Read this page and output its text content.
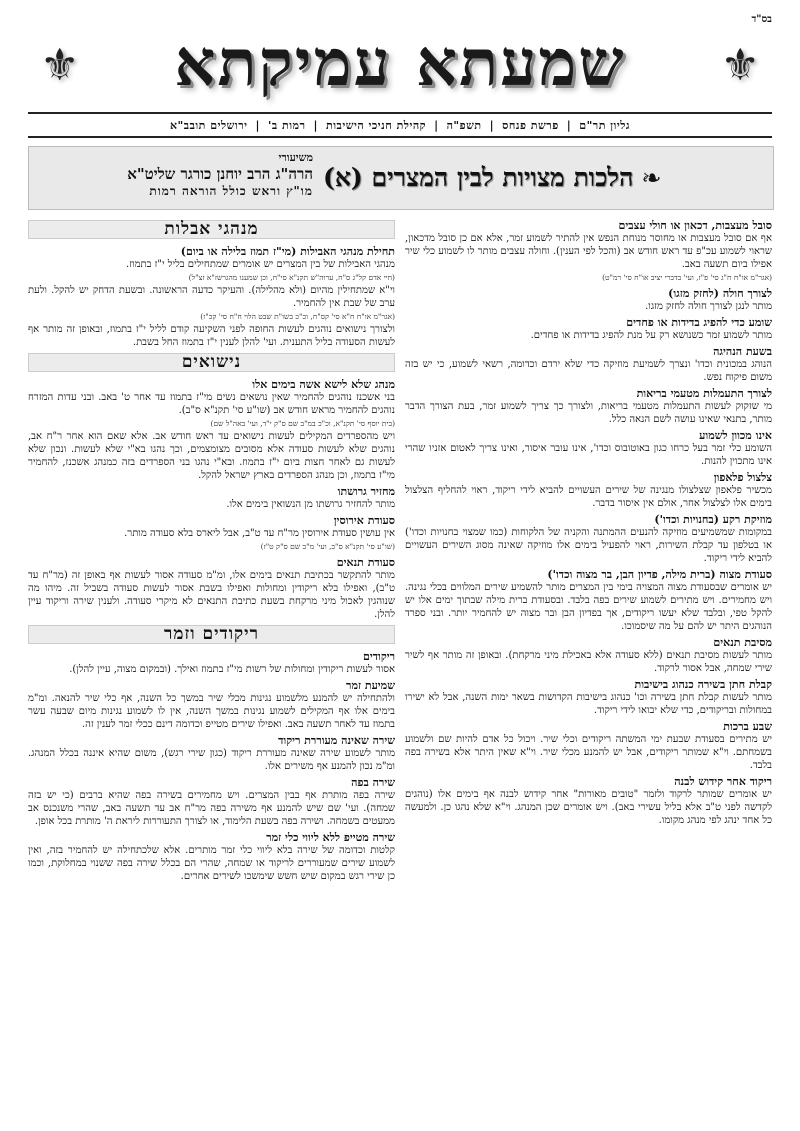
בס"ד
⚜	⚜
שמעתא עמיקתא
גליון תר"ם
|
פרשת פנחס
|
תשפ"ה
|
קהילת חניכי הישיבות
|
רמות ב'
|
ירושלים תובב"א
❧
הלכות מצויות לבין המצרים (א)
משיעורי
הרה"ג הרב יוחנן כורגר שליט"א
מו"ץ וראש כולל הוראה רמות
מנהגי אבלות
תחילת מנהגי האבילות (מי"ז תמוז בלילה או ביום)
מנהגי האבילות של בין המצרים יש אומרים שמתחילים בליל י"ז בתמוז.
(חיי אדם קל"ג ס"ח, ערוה"ש תקנ"א סי"ח, וכן שמענו מהגרשז"א זצ"ל)
וי"א שמתחילין מהיום (ולא מהלילה). והעיקר כדעה הראשונה. ובשעת הדחק יש להקל. ולעת ערב של שבת אין להחמיר.
(אגר"מ או"ח ח"א סי' קס"ח, וכ"כ בשו"ת שבט הלוי ח"ח סי' קכ"ז)
ולצורך נישואים נוהגים לעשות החופה לפני השקיעה קודם לליל י"ז בתמוז, ובאופן זה מותר אף לעשות הסעודה בליל התענית. ועי' להלן לענין י"ז בתמוז החל בשבת.
נישואים
מנהג שלא לישא אשה בימים אלו
בני אשכנז נוהגים להחמיר שאין נושאים נשים מי"ז בתמוז עד אחר ט' באב. ובני עדות המזרח נוהגים להחמיר מראש חודש אב (שו"ע סי' תקנ"א ס"ב).
(בית יוסף סי' תקנ"א, וכ"כ במ"ב שם ס"ק י"ד, ועי' באה"ל שם)
ויש מהספרדים המקילים לעשות נישואים עד ראש חודש אב. אלא שאם הוא אחר ר"ח אב, נוהגים שלא לעשות סעודה אלא מסובים מצומצמים, וכך נהגו בא"י שלא לעשות. ונכון שלא לעשות גם לאחר חצות ביום י"ז בתמוז. ובא"י נהגו בני הספרדים בזה כמנהג אשכנז, להחמיר מי"ז בתמוז, וכן מנהג הספרדים בארץ ישראל להקל.
מחזיר גרושתו
מותר להחזיר גרושתו מן הנשואין בימים אלו.
סעודת אירוסין
אין עושין סעודת אירוסין מר"ח עד ט"ב, אבל ליארס בלא סעודה מותר.
(שו"ע סי' תקנ"א ס"ב, ועי' מ"ב שם ס"ק ט"ז)
סעודת תנאים
מותר להתקשר בכתיבת תנאים בימים אלו, ומ"מ סעודה אסור לעשות אף באופן זה (מר"ח עד ט"ב), ואפילו בלא ריקודין ומחולות ואפילו בשבת אסור לעשות סעודה בשביל זה. מיהו מה שנוהגין לאכול מיני מרקחת בשעת כתיבת התנאים לא מיקרי סעודה. ולענין שירה וריקוד עיין להלן.
ריקודים וזמר
ריקודים
אסור לעשות ריקודין ומחולות של רשות מי"ז בתמוז ואילך. (ובמקום מצוה, עיין להלן).
שמיעת זמר
ולהתחילה יש להמנע מלשמוע נגינות מכלי שיר במשך כל השנה, אף כלי שיר להנאה. ומ"מ בימים אלו אף המקילים לשמוע נגינות במשך השנה, אין לו לשמוע נגינות מיום שבעה עשר בתמוז עד לאחר תשעה באב. ואפילו שירים מטייפ וכדומה דינם ככלי זמר לענין זה.
שירה שאינה מעוררת ריקוד
מותר לשמוע שירה שאינה מעוררת ריקוד (כגון שירי רגש), משום שהיא איננה בכלל המנהג. ומ"מ נכון להמנע אף משירים אלו.
שירה בפה
שירה בפה מותרת אף בבין המצרים. ויש מחמירים בשירה בפה שהיא ברבים (כי יש בזה שמחה). ועי' שם שיש להמנע אף משירה בפה מר"ח אב עד תשעה באב, שהרי משנכנס אב ממעטים בשמחה. ושירה בפה בשעת הלימוד, או לצורך התעוררות ליראת ה' מותרת בכל אופן.
שירה מטייפ ללא ליווי כלי זמר
קלטות וכדומה של שירה בלא ליווי כלי זמר מותרים. אלא שלכתחילה יש להחמיר בזה, ואין לשמוע שירים שמעוררים לריקוד או שמחה, שהרי הם בכלל שירה בפה ששנוי במחלוקת, וכמו כן שירי רגש במקום שיש חשש שימשכו לשירים אחרים.
סובל מעצבות, דכאון או חולי עצבים
אף אם סובל מעצבות או מחוסר מנוחת הנפש אין להתיר לשמוע זמר, אלא אם כן סובל מדכאון, שראוי לשמוע עכ"פ עד ראש חודש אב (והכל לפי הענין). וחולה עצבים מותר לו לשמוע כלי שיר אפילו ביום תשעה באב.
(אגר"מ או"ח ח"ג סי' פ"ז, ועי' בדברי יציב או"ח סי' רמ"ט)
לצורך חולה (לחזק מזגו)
מותר לנגן לצורך חולה לחזק מזגו.
שומע כדי להפיג בדידות או פחדים
מותר לשמוע זמר כשנושא רק על מנת להפיג בדידות או פחדים.
בשעת הנהיגה
הנוהג במכונית וכדו' ונצרך לשמיעת מוזיקה כדי שלא ירדם וכדומה, רשאי לשמוע, כי יש בזה משום פיקוח נפש.
לצורך התעמלות מטעמי בריאות
מי שזקוק לעשות התעמלות מטעמי בריאות, ולצורך כך צריך לשמוע זמר, בעת הצורך הדבר מותר, בתנאי שאינו עושה לשם הנאה כלל.
אינו מכוון לשמוע
השומע כלי זמר בעל כרחו כגון באוטובוס וכדו', אינו עובר איסור, ואינו צריך לאטום אזניו שהרי אינו מתכוין להנות.
צלצול פלאפון
מכשיר פלאפון שצלצולו מנגינה של שירים העשויים להביא לידי ריקוד, ראוי להחליף הצלצול בימים אלו לצלצול אחר, אולם אין איסור בדבר.
מוזיקת רקע (בחנויות וכדו')
במקומות שמשמיעים מוזיקה להנעים ההמתנה והקניה של הלקוחות (כמו שמצוי בחנויות וכדו') או בטלפון עד קבלת השירות, ראוי להפעיל בימים אלו מוזיקה שאינה מסוג השירים העשויים להביא לידי ריקוד.
סעודת מצוה (ברית מילה, פדיון הבן, בר מצוה וכדו')
יש אומרים שבסעודת מצוה המצויה בימי בין המצרים מותר להשמיע שירים המלווים בכלי נגינה. ויש מחמירים. ויש מתירים לשמוע שירים בפה בלבד. ובסעודת ברית מילה שבתוך ימים אלו יש להקל טפי, ובלבד שלא יעשו ריקודים, אך בפדיון הבן ובר מצוה יש להחמיר יותר. ובני ספרד הנוהגים היתר יש להם על מה שיסמוכו.
מסיבת תנאים
מותר לעשות מסיבת תנאים (ללא סעודה אלא באכילת מיני מרקחת). ובאופן זה מותר אף לשיר שירי שמחה, אבל אסור לרקוד.
קבלת חתן בשירה כנהוג בישיבות
מותר לעשות קבלת חתן בשירה וכו' כנהוג בישיבות הקדושות בשאר ימות השנה, אבל לא ישירו במחולות ובריקודים, כדי שלא יבואו לידי ריקוד.
שבע ברכות
יש מתירים בסעודת שבעת ימי המשתה ריקודים וכלי שיר. ויכול כל אדם להיות שם ולשמוע בשמחתם. וי"א שמותר ריקודים, אבל יש להמנע מכלי שיר. וי"א שאין היתר אלא בשירה בפה בלבד.
ריקוד אחר קידוש לבנה
יש אומרים שמותר לרקוד ולזמר "טובים מאורות" אחר קידוש לבנה אף בימים אלו (נוהגים לקדשה לפני ט"ב אלא בליל עשירי באב). ויש אומרים שכן המנהג. וי"א שלא נהגו כן. ולמעשה כל אחד ינהג לפי מנהג מקומו.
